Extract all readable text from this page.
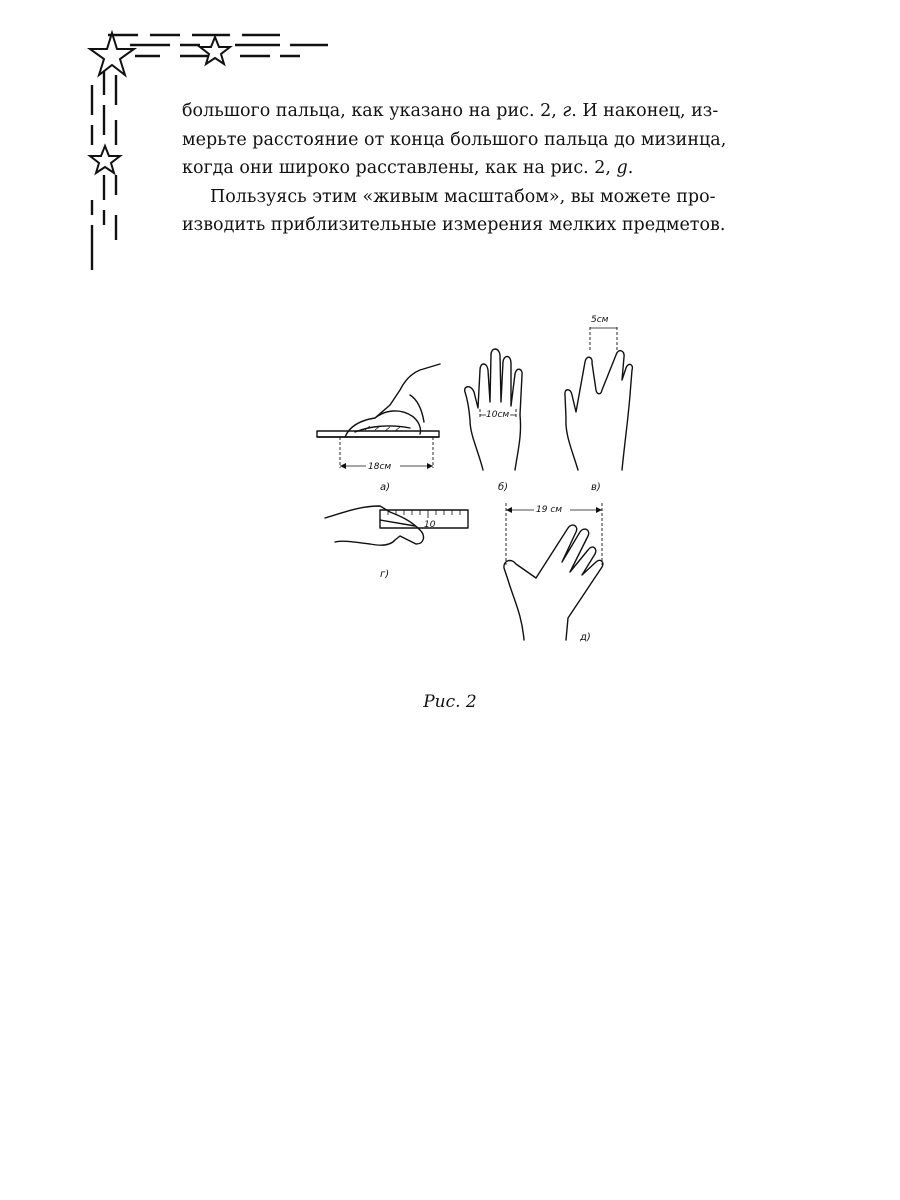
большого пальца, как указано на рис. 2, г. И наконец, из-
мерьте расстояние от конца большого пальца до мизинца,
когда они широко расставлены, как на рис. 2, g.

Пользуясь этим «живым масштабом», вы можете про-
изводить приблизительные измерения мелких предметов.

18см
а)
10см
б)
5см
в)
10
г)
19 см
д)
Рис. 2
